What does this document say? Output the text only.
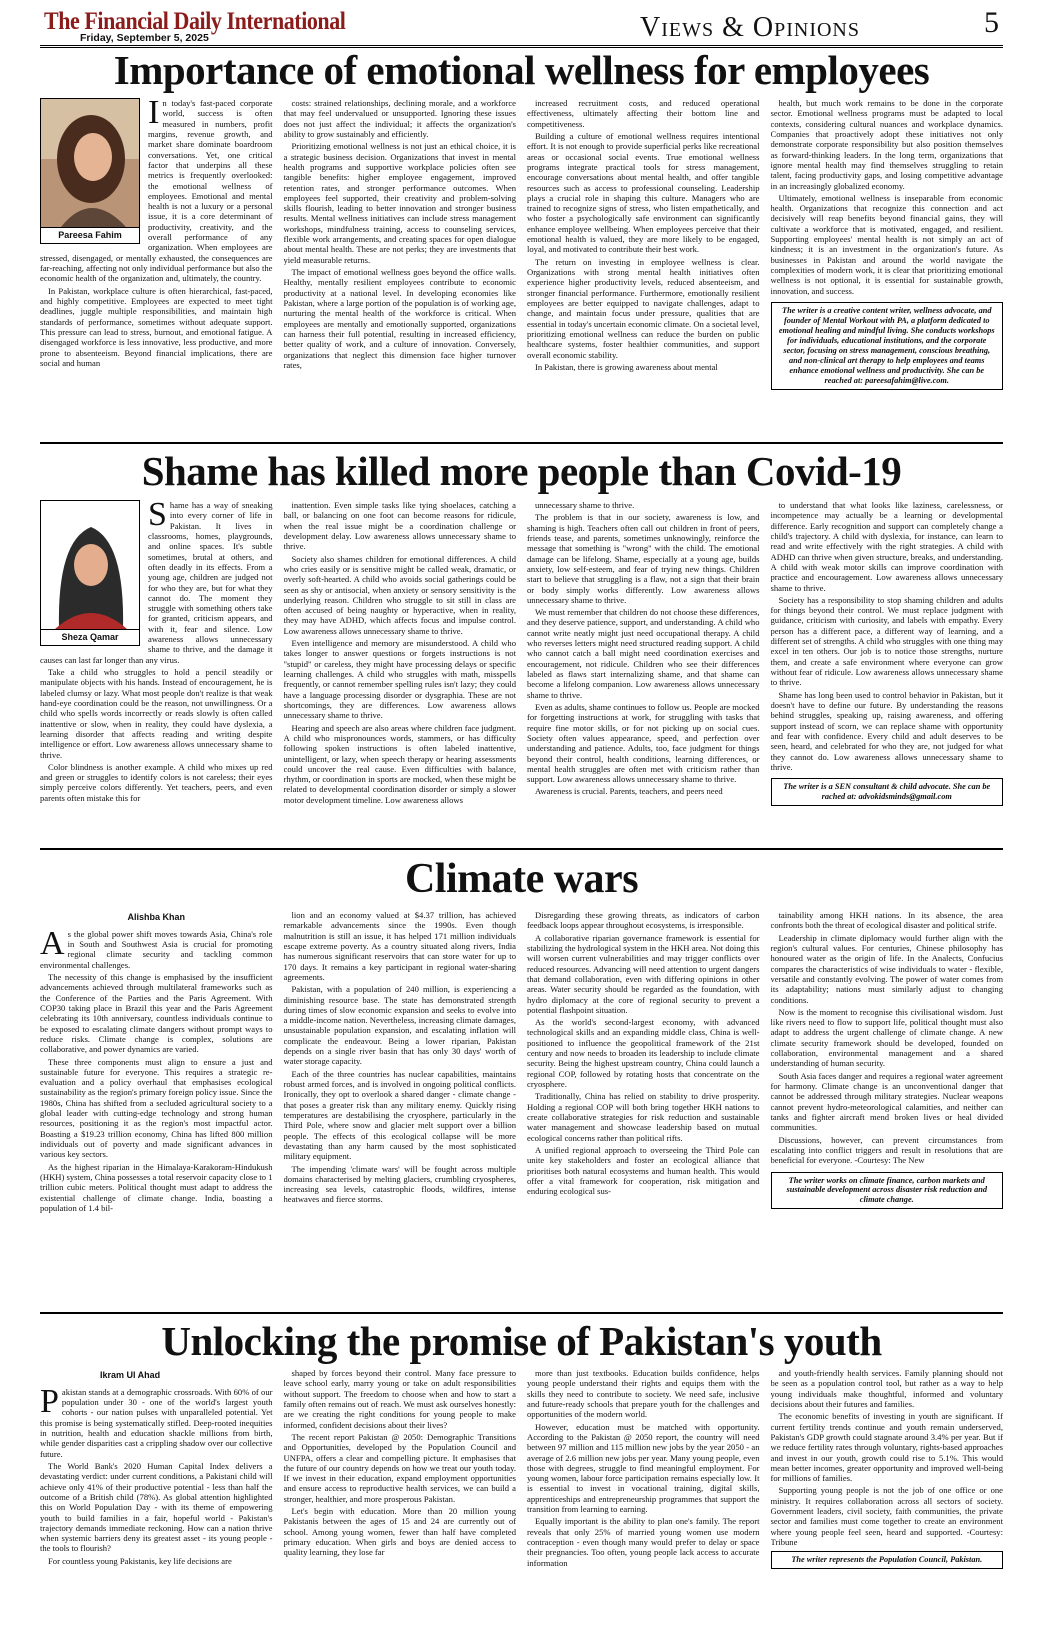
The Financial Daily International
Friday, September 5, 2025	Views & Opinions	5
Importance of emotional wellness for employees
Pareesa Fahim

In today's fast-paced corporate world, success is often measured in numbers, profit margins, revenue growth, and market share dominate boardroom conversations. Yet, one critical factor that underpins all these metrics is frequently overlooked: the emotional wellness of employees. Emotional and mental health is not a luxury or a personal issue, it is a core determinant of productivity, creativity, and the overall performance of any organization. When employees are stressed, disengaged, or mentally exhausted, the consequences are far-reaching, affecting not only individual performance but also the economic health of the organization and, ultimately, the country.

In Pakistan, workplace culture is often hierarchical, fast-paced, and highly competitive. Employees are expected to meet tight deadlines, juggle multiple responsibilities, and maintain high standards of performance, sometimes without adequate support. This pressure can lead to stress, burnout, and emotional fatigue. A disengaged workforce is less innovative, less productive, and more prone to absenteeism. Beyond financial implications, there are social and human

costs: strained relationships, declining morale, and a workforce that may feel undervalued or unsupported. Ignoring these issues does not just affect the individual; it affects the organization's ability to grow sustainably and efficiently.

Prioritizing emotional wellness is not just an ethical choice, it is a strategic business decision. Organizations that invest in mental health programs and supportive workplace policies often see tangible benefits: higher employee engagement, improved retention rates, and stronger performance outcomes. When employees feel supported, their creativity and problem-solving skills flourish, leading to better innovation and stronger business results. Mental wellness initiatives can include stress management workshops, mindfulness training, access to counseling services, flexible work arrangements, and creating spaces for open dialogue about mental health. These are not perks; they are investments that yield measurable returns.

The impact of emotional wellness goes beyond the office walls. Healthy, mentally resilient employees contribute to economic productivity at a national level. In developing economies like Pakistan, where a large portion of the population is of working age, nurturing the mental health of the workforce is critical. When employees are mentally and emotionally supported, organizations can harness their full potential, resulting in increased efficiency, better quality of work, and a culture of innovation. Conversely, organizations that neglect this dimension face higher turnover rates,

increased recruitment costs, and reduced operational effectiveness, ultimately affecting their bottom line and competitiveness.

Building a culture of emotional wellness requires intentional effort. It is not enough to provide superficial perks like recreational areas or occasional social events. True emotional wellness programs integrate practical tools for stress management, encourage conversations about mental health, and offer tangible resources such as access to professional counseling. Leadership plays a crucial role in shaping this culture. Managers who are trained to recognize signs of stress, who listen empathetically, and who foster a psychologically safe environment can significantly enhance employee wellbeing. When employees perceive that their emotional health is valued, they are more likely to be engaged, loyal, and motivated to contribute their best work.

The return on investing in employee wellness is clear. Organizations with strong mental health initiatives often experience higher productivity levels, reduced absenteeism, and stronger financial performance. Furthermore, emotionally resilient employees are better equipped to navigate challenges, adapt to change, and maintain focus under pressure, qualities that are essential in today's uncertain economic climate. On a societal level, prioritizing emotional wellness can reduce the burden on public healthcare systems, foster healthier communities, and support overall economic stability.

In Pakistan, there is growing awareness about mental

health, but much work remains to be done in the corporate sector. Emotional wellness programs must be adapted to local contexts, considering cultural nuances and workplace dynamics. Companies that proactively adopt these initiatives not only demonstrate corporate responsibility but also position themselves as forward-thinking leaders. In the long term, organizations that ignore mental health may find themselves struggling to retain talent, facing productivity gaps, and losing competitive advantage in an increasingly globalized economy.

Ultimately, emotional wellness is inseparable from economic health. Organizations that recognize this connection and act decisively will reap benefits beyond financial gains, they will cultivate a workforce that is motivated, engaged, and resilient. Supporting employees' mental health is not simply an act of kindness; it is an investment in the organization's future. As businesses in Pakistan and around the world navigate the complexities of modern work, it is clear that prioritizing emotional wellness is not optional, it is essential for sustainable growth, innovation, and success.

The writer is a creative content writer, wellness advocate, and founder of Mental Workout with PA, a platform dedicated to emotional healing and mindful living. She conducts workshops for individuals, educational institutions, and the corporate sector, focusing on stress management, conscious breathing, and non-clinical art therapy to help employees and teams enhance emotional wellness and productivity. She can be reached at: pareesafahim@live.com.
Shame has killed more people than Covid-19
Sheza Qamar

Shame has a way of sneaking into every corner of life in Pakistan. It lives in classrooms, homes, playgrounds, and online spaces. It's subtle sometimes, brutal at others, and often deadly in its effects. From a young age, children are judged not for who they are, but for what they cannot do. The moment they struggle with something others take for granted, criticism appears, and with it, fear and silence. Low awareness allows unnecessary shame to thrive, and the damage it causes can last far longer than any virus.

Take a child who struggles to hold a pencil steadily or manipulate objects with his hands. Instead of encouragement, he is labeled clumsy or lazy. What most people don't realize is that weak hand-eye coordination could be the reason, not unwillingness. Or a child who spells words incorrectly or reads slowly is often called inattentive or slow, when in reality, they could have dyslexia, a learning disorder that affects reading and writing despite intelligence or effort. Low awareness allows unnecessary shame to thrive.

Color blindness is another example. A child who mixes up red and green or struggles to identify colors is not careless; their eyes simply perceive colors differently. Yet teachers, peers, and even parents often mistake this for

inattention. Even simple tasks like tying shoelaces, catching a ball, or balancing on one foot can become reasons for ridicule, when the real issue might be a coordination challenge or development delay. Low awareness allows unnecessary shame to thrive.

Society also shames children for emotional differences. A child who cries easily or is sensitive might be called weak, dramatic, or overly soft-hearted. A child who avoids social gatherings could be seen as shy or antisocial, when anxiety or sensory sensitivity is the underlying reason. Children who struggle to sit still in class are often accused of being naughty or hyperactive, when in reality, they may have ADHD, which affects focus and impulse control. Low awareness allows unnecessary shame to thrive.

Even intelligence and memory are misunderstood. A child who takes longer to answer questions or forgets instructions is not "stupid" or careless, they might have processing delays or specific learning challenges. A child who struggles with math, misspells frequently, or cannot remember spelling rules isn't lazy; they could have a language processing disorder or dysgraphia. These are not shortcomings, they are differences. Low awareness allows unnecessary shame to thrive.

Hearing and speech are also areas where children face judgment. A child who mispronounces words, stammers, or has difficulty following spoken instructions is often labeled inattentive, unintelligent, or lazy, when speech therapy or hearing assessments could uncover the real cause. Even difficulties with balance, rhythm, or coordination in sports are mocked, when these might be related to developmental coordination disorder or simply a slower motor development timeline. Low awareness allows

unnecessary shame to thrive.

The problem is that in our society, awareness is low, and shaming is high. Teachers often call out children in front of peers, friends tease, and parents, sometimes unknowingly, reinforce the message that something is "wrong" with the child. The emotional damage can be lifelong. Shame, especially at a young age, builds anxiety, low self-esteem, and fear of trying new things. Children start to believe that struggling is a flaw, not a sign that their brain or body simply works differently. Low awareness allows unnecessary shame to thrive.

We must remember that children do not choose these differences, and they deserve patience, support, and understanding. A child who cannot write neatly might just need occupational therapy. A child who reverses letters might need structured reading support. A child who cannot catch a ball might need coordination exercises and encouragement, not ridicule. Children who see their differences labeled as flaws start internalizing shame, and that shame can become a lifelong companion. Low awareness allows unnecessary shame to thrive.

Even as adults, shame continues to follow us. People are mocked for forgetting instructions at work, for struggling with tasks that require fine motor skills, or for not picking up on social cues. Society often values appearance, speed, and perfection over understanding and patience. Adults, too, face judgment for things beyond their control, health conditions, learning differences, or mental health struggles are often met with criticism rather than support. Low awareness allows unnecessary shame to thrive.

Awareness is crucial. Parents, teachers, and peers need

to understand that what looks like laziness, carelessness, or incompetence may actually be a learning or developmental difference. Early recognition and support can completely change a child's trajectory. A child with dyslexia, for instance, can learn to read and write effectively with the right strategies. A child with ADHD can thrive when given structure, breaks, and understanding. A child with weak motor skills can improve coordination with practice and encouragement. Low awareness allows unnecessary shame to thrive.

Society has a responsibility to stop shaming children and adults for things beyond their control. We must replace judgment with guidance, criticism with curiosity, and labels with empathy. Every person has a different pace, a different way of learning, and a different set of strengths. A child who struggles with one thing may excel in ten others. Our job is to notice those strengths, nurture them, and create a safe environment where everyone can grow without fear of ridicule. Low awareness allows unnecessary shame to thrive.

Shame has long been used to control behavior in Pakistan, but it doesn't have to define our future. By understanding the reasons behind struggles, speaking up, raising awareness, and offering support instead of scorn, we can replace shame with opportunity and fear with confidence. Every child and adult deserves to be seen, heard, and celebrated for who they are, not judged for what they cannot do. Low awareness allows unnecessary shame to thrive.

The writer is a SEN consultant & child advocate. She can be rached at: advokidsminds@gmail.com
Climate wars
Alishba Khan

As the global power shift moves towards Asia, China's role in South and Southwest Asia is crucial for promoting regional climate security and tackling common environmental challenges.

The necessity of this change is emphasised by the insufficient advancements achieved through multilateral frameworks such as the Conference of the Parties and the Paris Agreement. With COP30 taking place in Brazil this year and the Paris Agreement celebrating its 10th anniversary, countless individuals continue to be exposed to escalating climate dangers without prompt ways to reduce risks. Climate change is complex, solutions are collaborative, and power dynamics are varied.

These three components must align to ensure a just and sustainable future for everyone. This requires a strategic re-evaluation and a policy overhaul that emphasises ecological sustainability as the region's primary foreign policy issue. Since the 1980s, China has shifted from a secluded agricultural society to a global leader with cutting-edge technology and strong human resources, positioning it as the region's most impactful actor. Boasting a $19.23 trillion economy, China has lifted 800 million individuals out of poverty and made significant advances in various key sectors.

As the highest riparian in the Himalaya-Karakoram-Hindukush (HKH) system, China possesses a total reservoir capacity close to 1 trillion cubic meters. Political thought must adapt to address the existential challenge of climate change. India, boasting a population of 1.4 bil-

lion and an economy valued at $4.37 trillion, has achieved remarkable advancements since the 1990s. Even though malnutrition is still an issue, it has helped 171 million individuals escape extreme poverty. As a country situated along rivers, India has numerous significant reservoirs that can store water for up to 170 days. It remains a key participant in regional water-sharing agreements.

Pakistan, with a population of 240 million, is experiencing a diminishing resource base. The state has demonstrated strength during times of slow economic expansion and seeks to evolve into a middle-income nation. Nevertheless, increasing climate damages, unsustainable population expansion, and escalating inflation will complicate the endeavour. Being a lower riparian, Pakistan depends on a single river basin that has only 30 days' worth of water storage capacity.

Each of the three countries has nuclear capabilities, maintains robust armed forces, and is involved in ongoing political conflicts. Ironically, they opt to overlook a shared danger - climate change - that poses a greater risk than any military enemy. Quickly rising temperatures are destabilising the cryosphere, particularly in the Third Pole, where snow and glacier melt support over a billion people. The effects of this ecological collapse will be more devastating than any harm caused by the most sophisticated military equipment.

The impending 'climate wars' will be fought across multiple domains characterised by melting glaciers, crumbling cryospheres, increasing sea levels, catastrophic floods, wildfires, intense heatwaves and fierce storms.

Disregarding these growing threats, as indicators of carbon feedback loops appear throughout ecosystems, is irresponsible.

A collaborative riparian governance framework is essential for stabilizing the hydrological system in the HKH area. Not doing this will worsen current vulnerabilities and may trigger conflicts over reduced resources. Advancing will need attention to urgent dangers that demand collaboration, even with differing opinions in other areas. Water security should be regarded as the foundation, with hydro diplomacy at the core of regional security to prevent a potential flashpoint situation.

As the world's second-largest economy, with advanced technological skills and an expanding middle class, China is well-positioned to influence the geopolitical framework of the 21st century and now needs to broaden its leadership to include climate security. Being the highest upstream country, China could launch a regional COP, followed by rotating hosts that concentrate on the cryosphere.

Traditionally, China has relied on stability to drive prosperity. Holding a regional COP will both bring together HKH nations to create collaborative strategies for risk reduction and sustainable water management and showcase leadership based on mutual ecological concerns rather than political rifts.

A unified regional approach to overseeing the Third Pole can unite key stakeholders and foster an ecological alliance that prioritises both natural ecosystems and human health. This would offer a vital framework for cooperation, risk mitigation and enduring ecological sus-

tainability among HKH nations. In its absence, the area confronts both the threat of ecological disaster and political strife.

Leadership in climate diplomacy would further align with the region's cultural values. For centuries, Chinese philosophy has honoured water as the origin of life. In the Analects, Confucius compares the characteristics of wise individuals to water - flexible, versatile and constantly evolving. The power of water comes from its adaptability; nations must similarly adjust to changing conditions.

Now is the moment to recognise this civilisational wisdom. Just like rivers need to flow to support life, political thought must also adapt to address the urgent challenge of climate change. A new climate security framework should be developed, founded on collaboration, environmental management and a shared understanding of human security.

South Asia faces danger and requires a regional water agreement for harmony. Climate change is an unconventional danger that cannot be addressed through military strategies. Nuclear weapons cannot prevent hydro-meteorological calamities, and neither can tanks and fighter aircraft mend broken lives or heal divided communities.

Discussions, however, can prevent circumstances from escalating into conflict triggers and result in resolutions that are beneficial for everyone. -Courtesy: The New

The writer works on climate finance, carbon markets and sustainable development across disaster risk reduction and climate change.
Unlocking the promise of Pakistan's youth
Ikram Ul Ahad

Pakistan stands at a demographic crossroads. With 60% of our population under 30 - one of the world's largest youth cohorts - our nation pulses with unparalleled potential. Yet this promise is being systematically stifled. Deep-rooted inequities in nutrition, health and education shackle millions from birth, while gender disparities cast a crippling shadow over our collective future.

The World Bank's 2020 Human Capital Index delivers a devastating verdict: under current conditions, a Pakistani child will achieve only 41% of their productive potential - less than half the outcome of a British child (78%). As global attention highlighted this on World Population Day - with its theme of empowering youth to build families in a fair, hopeful world - Pakistan's trajectory demands immediate reckoning. How can a nation thrive when systemic barriers deny its greatest asset - its young people - the tools to flourish?

For countless young Pakistanis, key life decisions are

shaped by forces beyond their control. Many face pressure to leave school early, marry young or take on adult responsibilities without support. The freedom to choose when and how to start a family often remains out of reach. We must ask ourselves honestly: are we creating the right conditions for young people to make informed, confident decisions about their lives?

The recent report Pakistan @ 2050: Demographic Transitions and Opportunities, developed by the Population Council and UNFPA, offers a clear and compelling picture. It emphasises that the future of our country depends on how we treat our youth today. If we invest in their education, expand employment opportunities and ensure access to reproductive health services, we can build a stronger, healthier, and more prosperous Pakistan.

Let's begin with education. More than 20 million young Pakistanis between the ages of 15 and 24 are currently out of school. Among young women, fewer than half have completed primary education. When girls and boys are denied access to quality learning, they lose far

more than just textbooks. Education builds confidence, helps young people understand their rights and equips them with the skills they need to contribute to society. We need safe, inclusive and future-ready schools that prepare youth for the challenges and opportunities of the modern world.

However, education must be matched with opportunity. According to the Pakistan @ 2050 report, the country will need between 97 million and 115 million new jobs by the year 2050 - an average of 2.6 million new jobs per year. Many young people, even those with degrees, struggle to find meaningful employment. For young women, labour force participation remains especially low. It is essential to invest in vocational training, digital skills, apprenticeships and entrepreneurship programmes that support the transition from learning to earning.

Equally important is the ability to plan one's family. The report reveals that only 25% of married young women use modern contraception - even though many would prefer to delay or space their pregnancies. Too often, young people lack access to accurate information

and youth-friendly health services. Family planning should not be seen as a population control tool, but rather as a way to help young individuals make thoughtful, informed and voluntary decisions about their futures and families.

The economic benefits of investing in youth are significant. If current fertility trends continue and youth remain underserved, Pakistan's GDP growth could stagnate around 3.4% per year. But if we reduce fertility rates through voluntary, rights-based approaches and invest in our youth, growth could rise to 5.1%. This would mean better incomes, greater opportunity and improved well-being for millions of families.

Supporting young people is not the job of one office or one ministry. It requires collaboration across all sectors of society. Government leaders, civil society, faith communities, the private sector and families must come together to create an environment where young people feel seen, heard and supported. -Courtesy: Tribune

The writer represents the Population Council, Pakistan.
